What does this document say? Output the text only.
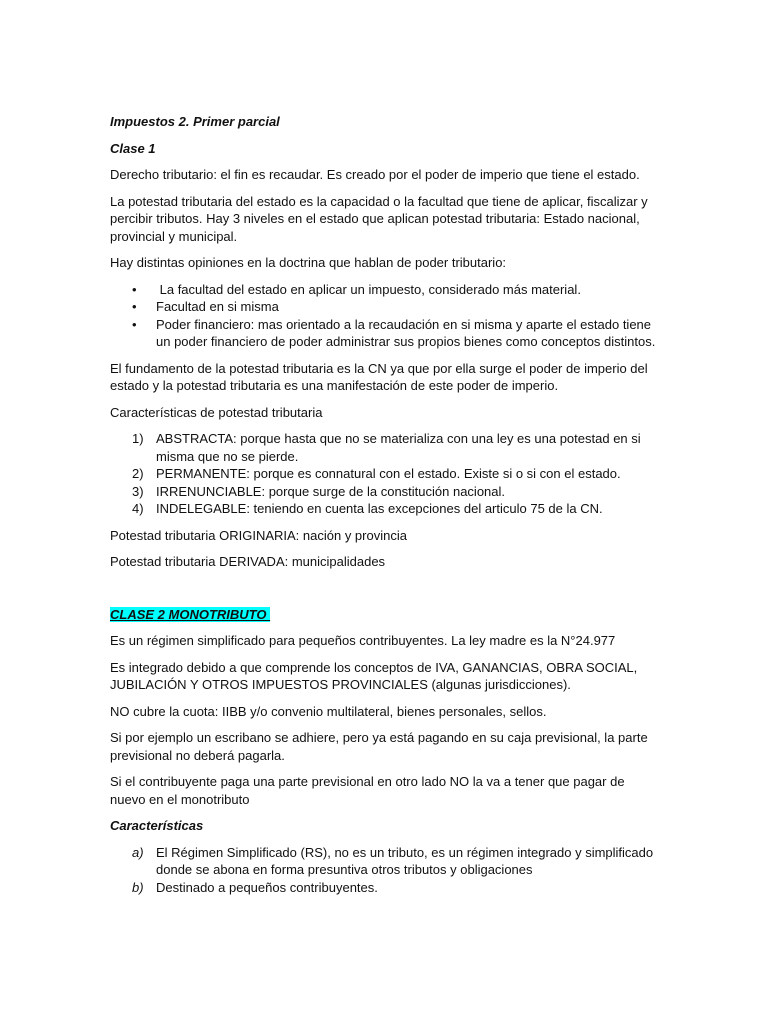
Impuestos 2. Primer parcial

Clase 1

Derecho tributario: el fin es recaudar. Es creado por el poder de imperio que tiene el estado.

La potestad tributaria del estado es la capacidad o la facultad que tiene de aplicar, fiscalizar y percibir tributos. Hay 3 niveles en el estado que aplican potestad tributaria: Estado nacional, provincial y municipal.

Hay distintas opiniones en la doctrina que hablan de poder tributario:

• La facultad del estado en aplicar un impuesto, considerado más material.
• Facultad en si misma
• Poder financiero: mas orientado a la recaudación en si misma y aparte el estado tiene un poder financiero de poder administrar sus propios bienes como conceptos distintos.

El fundamento de la potestad tributaria es la CN ya que por ella surge el poder de imperio del estado y la potestad tributaria es una manifestación de este poder de imperio.

Características de potestad tributaria

1) ABSTRACTA: porque hasta que no se materializa con una ley es una potestad en si misma que no se pierde.
2) PERMANENTE: porque es connatural con el estado. Existe si o si con el estado.
3) IRRENUNCIABLE: porque surge de la constitución nacional.
4) INDELEGABLE: teniendo en cuenta las excepciones del articulo 75 de la CN.

Potestad tributaria ORIGINARIA: nación y provincia

Potestad tributaria DERIVADA: municipalidades

CLASE 2 MONOTRIBUTO

Es un régimen simplificado para pequeños contribuyentes. La ley madre es la N°24.977

Es integrado debido a que comprende los conceptos de IVA, GANANCIAS, OBRA SOCIAL, JUBILACIÓN Y OTROS IMPUESTOS PROVINCIALES (algunas jurisdicciones).

NO cubre la cuota: IIBB y/o convenio multilateral, bienes personales, sellos.

Si por ejemplo un escribano se adhiere, pero ya está pagando en su caja previsional, la parte previsional no deberá pagarla.

Si el contribuyente paga una parte previsional en otro lado NO la va a tener que pagar de nuevo en el monotributo

Características

a) El Régimen Simplificado (RS), no es un tributo, es un régimen integrado y simplificado donde se abona en forma presuntiva otros tributos y obligaciones
b) Destinado a pequeños contribuyentes.
